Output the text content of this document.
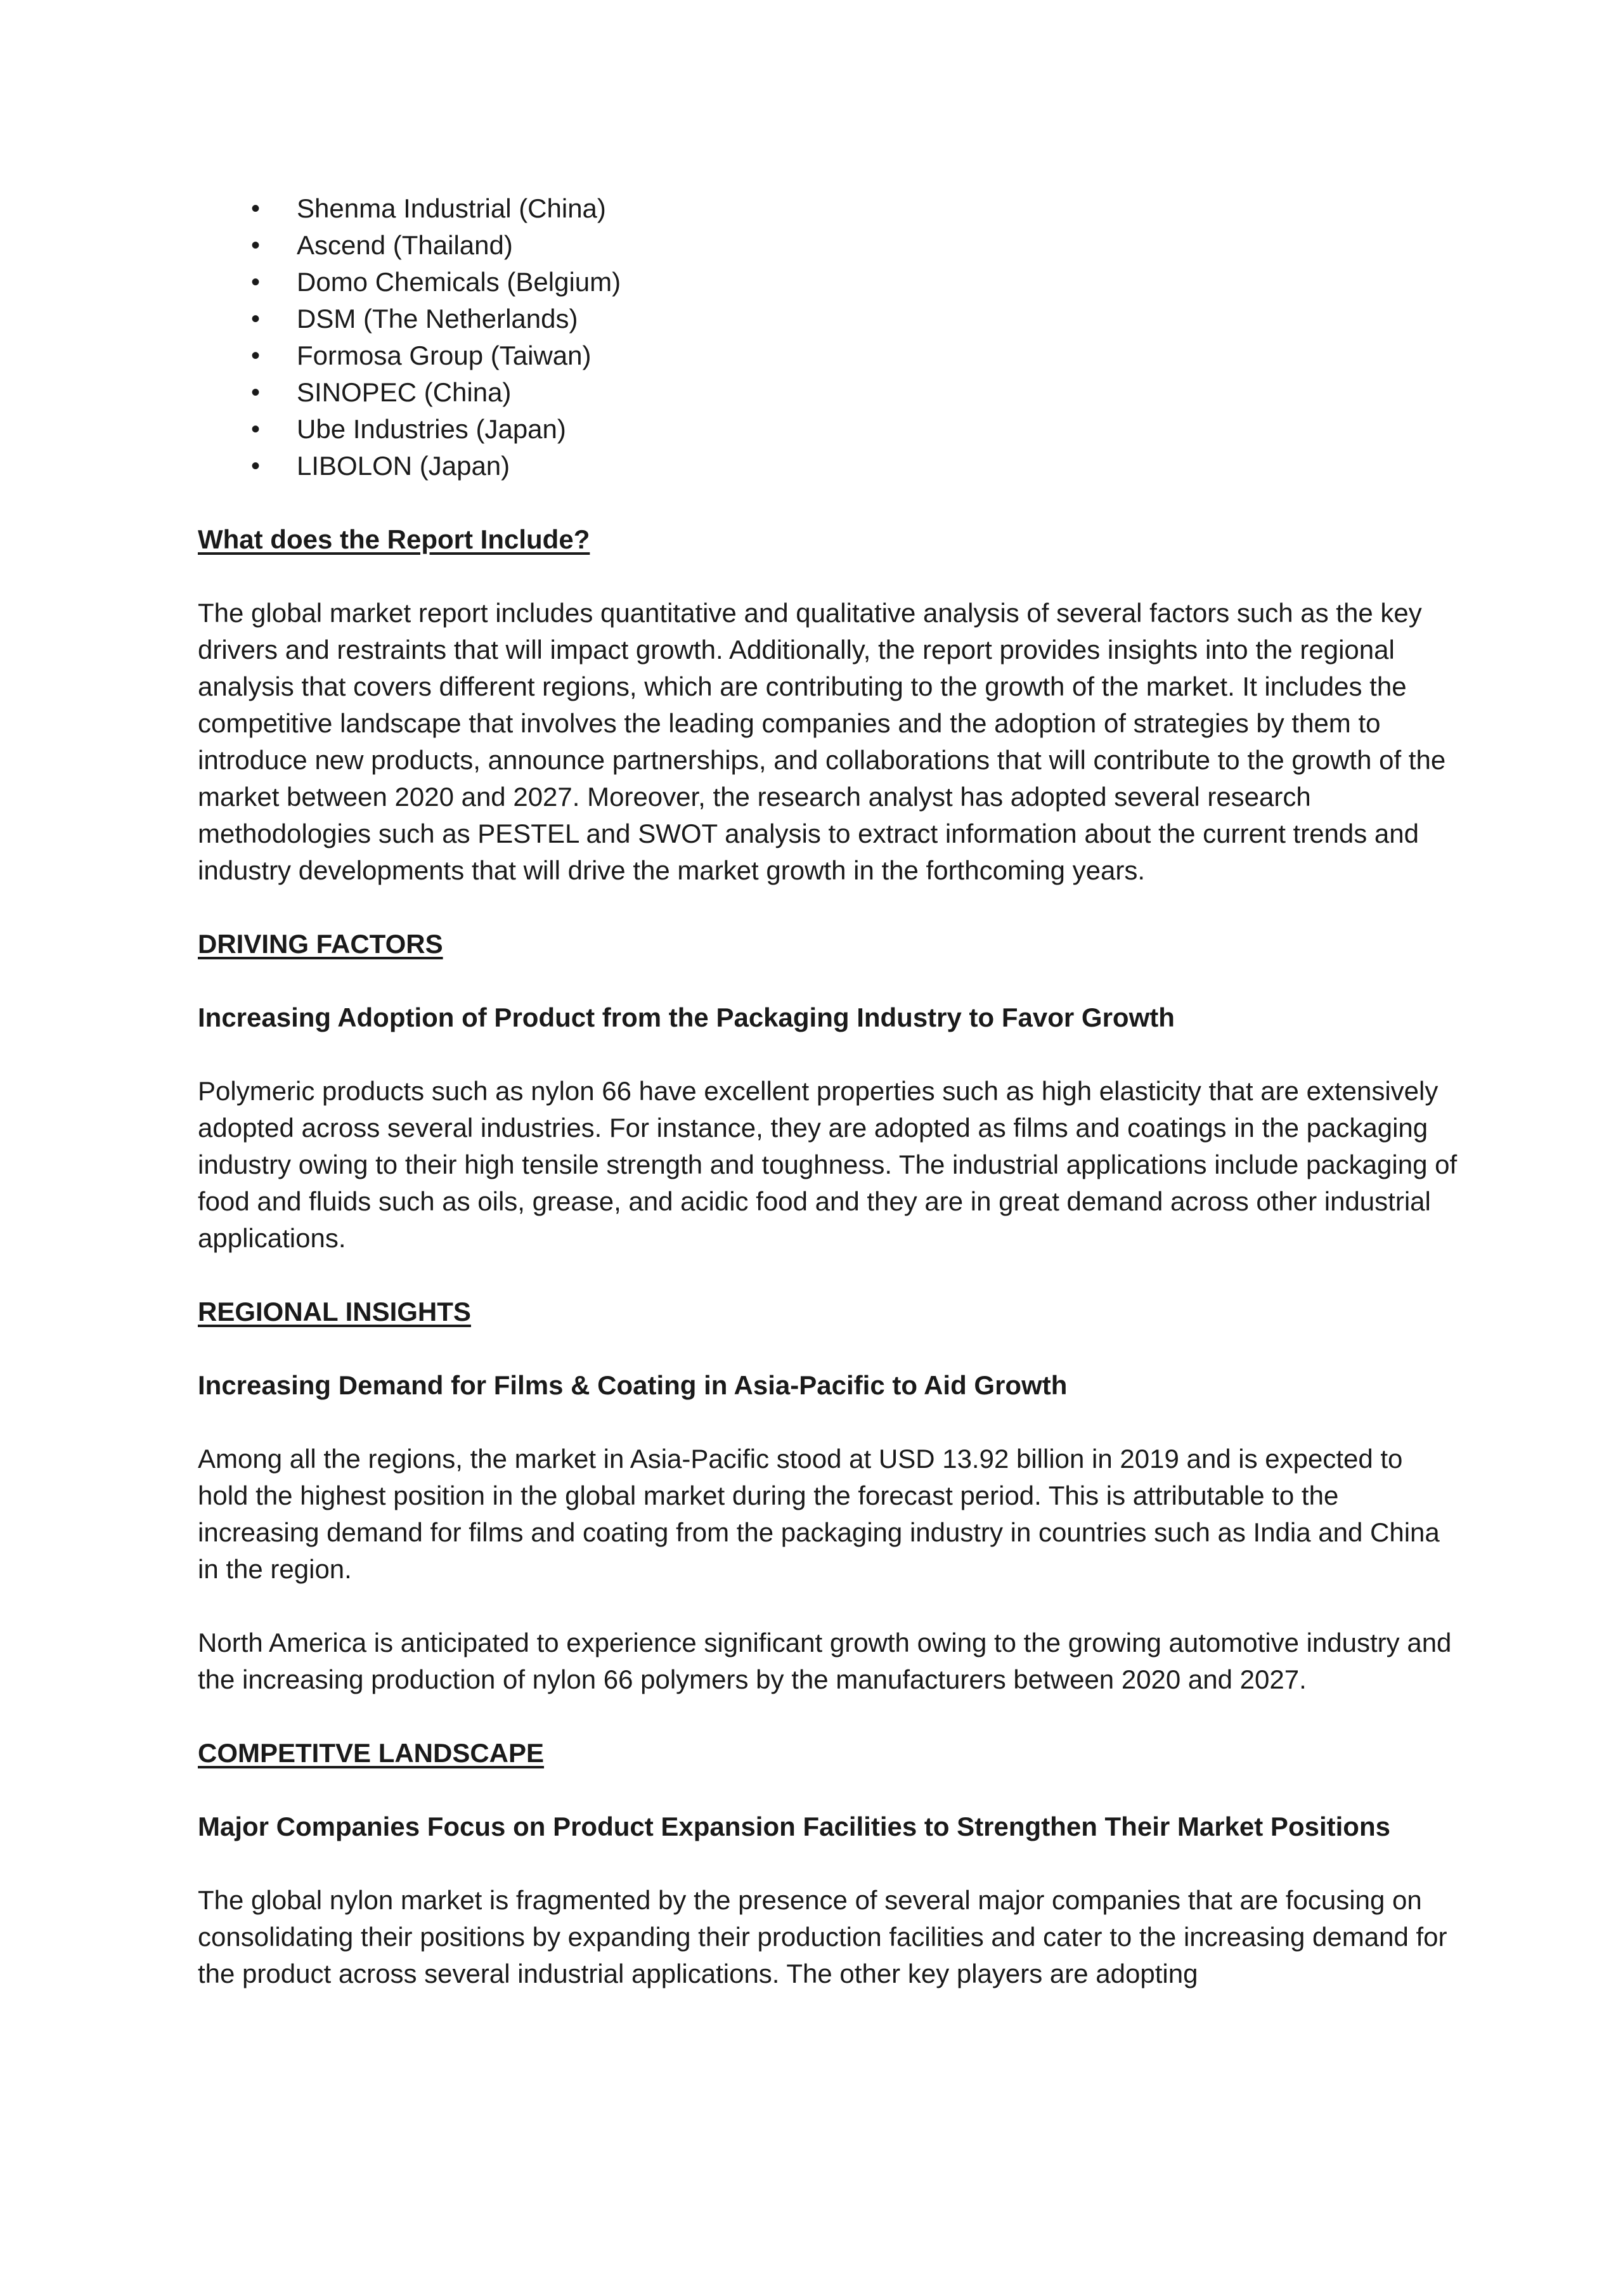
•	Shenma Industrial (China)
•	Ascend (Thailand)
•	Domo Chemicals (Belgium)
•	DSM (The Netherlands)
•	Formosa Group (Taiwan)
•	SINOPEC (China)
•	Ube Industries (Japan)
•	LIBOLON (Japan)
What does the Report Include?

The global market report includes quantitative and qualitative analysis of several factors such as the key drivers and restraints that will impact growth. Additionally, the report provides insights into the regional analysis that covers different regions, which are contributing to the growth of the market. It includes the competitive landscape that involves the leading companies and the adoption of strategies by them to introduce new products, announce partnerships, and collaborations that will contribute to the growth of the market between 2020 and 2027. Moreover, the research analyst has adopted several research methodologies such as PESTEL and SWOT analysis to extract information about the current trends and industry developments that will drive the market growth in the forthcoming years.

DRIVING FACTORS
Increasing Adoption of Product from the Packaging Industry to Favor Growth

Polymeric products such as nylon 66 have excellent properties such as high elasticity that are extensively adopted across several industries. For instance, they are adopted as films and coatings in the packaging industry owing to their high tensile strength and toughness. The industrial applications include packaging of food and fluids such as oils, grease, and acidic food and they are in great demand across other industrial applications.

REGIONAL INSIGHTS
Increasing Demand for Films & Coating in Asia-Pacific to Aid Growth

Among all the regions, the market in Asia-Pacific stood at USD 13.92 billion in 2019 and is expected to hold the highest position in the global market during the forecast period. This is attributable to the increasing demand for films and coating from the packaging industry in countries such as India and China in the region.

North America is anticipated to experience significant growth owing to the growing automotive industry and the increasing production of nylon 66 polymers by the manufacturers between 2020 and 2027.

COMPETITVE LANDSCAPE
Major Companies Focus on Product Expansion Facilities to Strengthen Their Market Positions

The global nylon market is fragmented by the presence of several major companies that are focusing on consolidating their positions by expanding their production facilities and cater to the increasing demand for the product across several industrial applications. The other key players are adopting
